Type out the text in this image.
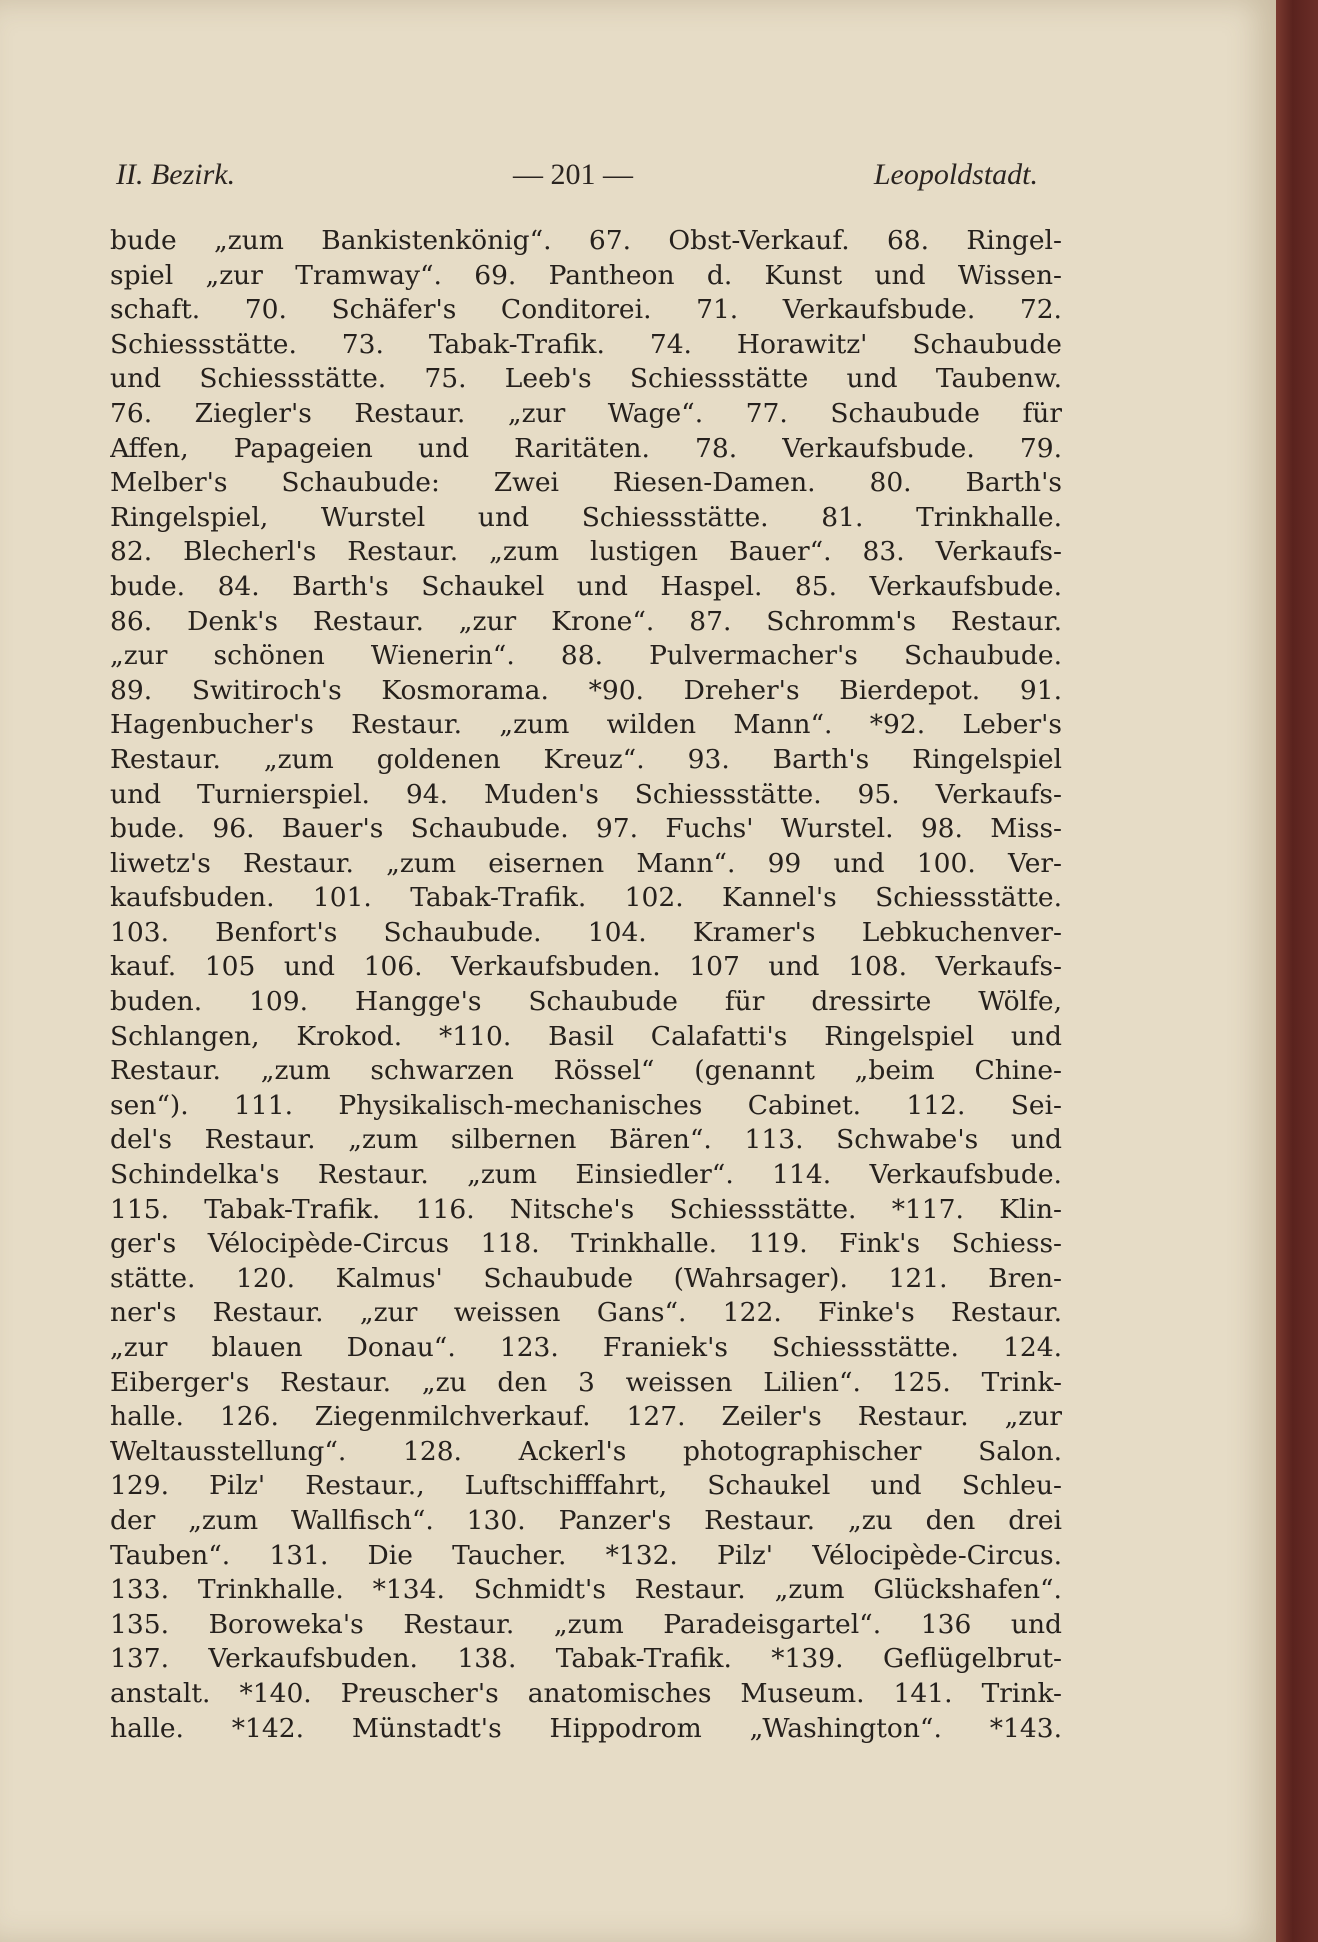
II. Bezirk.	— 201 —	Leopoldstadt.
bude „zum Bankistenkönig“. 67. Obst-Verkauf. 68. Ringel-
spiel „zur Tramway“. 69. Pantheon d. Kunst und Wissen-
schaft. 70. Schäfer's Conditorei. 71. Verkaufsbude. 72.
Schiessstätte. 73. Tabak-Trafik. 74. Horawitz' Schaubude
und Schiessstätte. 75. Leeb's Schiessstätte und Taubenw.
76. Ziegler's Restaur. „zur Wage“. 77. Schaubude für
Affen, Papageien und Raritäten. 78. Verkaufsbude. 79.
Melber's Schaubude: Zwei Riesen-Damen. 80. Barth's
Ringelspiel, Wurstel und Schiessstätte. 81. Trinkhalle.
82. Blecherl's Restaur. „zum lustigen Bauer“. 83. Verkaufs-
bude. 84. Barth's Schaukel und Haspel. 85. Verkaufsbude.
86. Denk's Restaur. „zur Krone“. 87. Schromm's Restaur.
„zur schönen Wienerin“. 88. Pulvermacher's Schaubude.
89. Switiroch's Kosmorama. *90. Dreher's Bierdepot. 91.
Hagenbucher's Restaur. „zum wilden Mann“. *92. Leber's
Restaur. „zum goldenen Kreuz“. 93. Barth's Ringelspiel
und Turnierspiel. 94. Muden's Schiessstätte. 95. Verkaufs-
bude. 96. Bauer's Schaubude. 97. Fuchs' Wurstel. 98. Miss-
liwetz's Restaur. „zum eisernen Mann“. 99 und 100. Ver-
kaufsbuden. 101. Tabak-Trafik. 102. Kannel's Schiessstätte.
103. Benfort's Schaubude. 104. Kramer's Lebkuchenver-
kauf. 105 und 106. Verkaufsbuden. 107 und 108. Verkaufs-
buden. 109. Hangge's Schaubude für dressirte Wölfe,
Schlangen, Krokod. *110. Basil Calafatti's Ringelspiel und
Restaur. „zum schwarzen Rössel“ (genannt „beim Chine-
sen“). 111. Physikalisch-mechanisches Cabinet. 112. Sei-
del's Restaur. „zum silbernen Bären“. 113. Schwabe's und
Schindelka's Restaur. „zum Einsiedler“. 114. Verkaufsbude.
115. Tabak-Trafik. 116. Nitsche's Schiessstätte. *117. Klin-
ger's Vélocipède-Circus 118. Trinkhalle. 119. Fink's Schiess-
stätte. 120. Kalmus' Schaubude (Wahrsager). 121. Bren-
ner's Restaur. „zur weissen Gans“. 122. Finke's Restaur.
„zur blauen Donau“. 123. Franiek's Schiessstätte. 124.
Eiberger's Restaur. „zu den 3 weissen Lilien“. 125. Trink-
halle. 126. Ziegenmilchverkauf. 127. Zeiler's Restaur. „zur
Weltausstellung“. 128. Ackerl's photographischer Salon.
129. Pilz' Restaur., Luftschifffahrt, Schaukel und Schleu-
der „zum Wallfisch“. 130. Panzer's Restaur. „zu den drei
Tauben“. 131. Die Taucher. *132. Pilz' Vélocipède-Circus.
133. Trinkhalle. *134. Schmidt's Restaur. „zum Glückshafen“.
135. Boroweka's Restaur. „zum Paradeisgartel“. 136 und
137. Verkaufsbuden. 138. Tabak-Trafik. *139. Geflügelbrut-
anstalt. *140. Preuscher's anatomisches Museum. 141. Trink-
halle. *142. Münstadt's Hippodrom „Washington“. *143.
